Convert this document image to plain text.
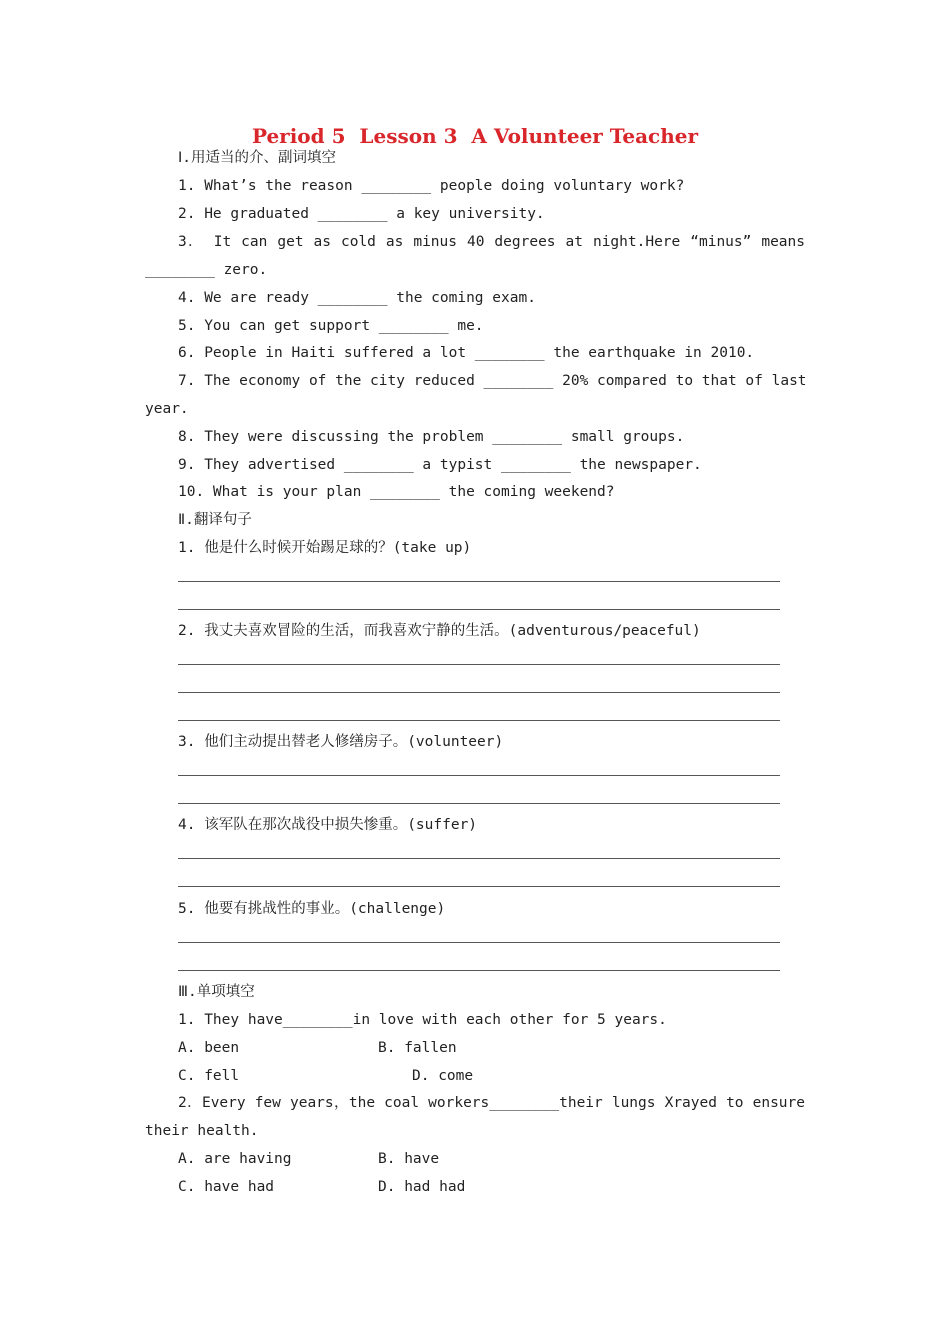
Period 5  Lesson 3  A Volunteer Teacher
Ⅰ.用适当的介、副词填空
1. What’s the reason ________ people doing voluntary work?
2. He graduated ________ a key university.
3． It can get as cold as minus 40 degrees at night.Here “minus” means
________ zero.
4. We are ready ________ the coming exam.
5. You can get support ________ me.
6. People in Haiti suffered a lot ________ the earthquake in 2010.
7. The economy of the city reduced ________ 20% compared to that of last
year.
8. They were discussing the problem ________ small groups.
9. They advertised ________ a typist ________ the newspaper.
10. What is your plan ________ the coming weekend?
Ⅱ.翻译句子
1. 他是什么时候开始踢足球的？(take up)
2. 我丈夫喜欢冒险的生活，而我喜欢宁静的生活。(adventurous/peaceful)
3. 他们主动提出替老人修缮房子。(volunteer)
4. 该军队在那次战役中损失惨重。(suffer)
5. 他要有挑战性的事业。(challenge)
Ⅲ.单项填空
1. They have________in love with each other for 5 years.
A. been	B. fallen
C. fell	D. come
2．Every few years，the coal workers________their lungs Xrayed to ensure
their health.
A. are having	B. have
C. have had	D. had had
